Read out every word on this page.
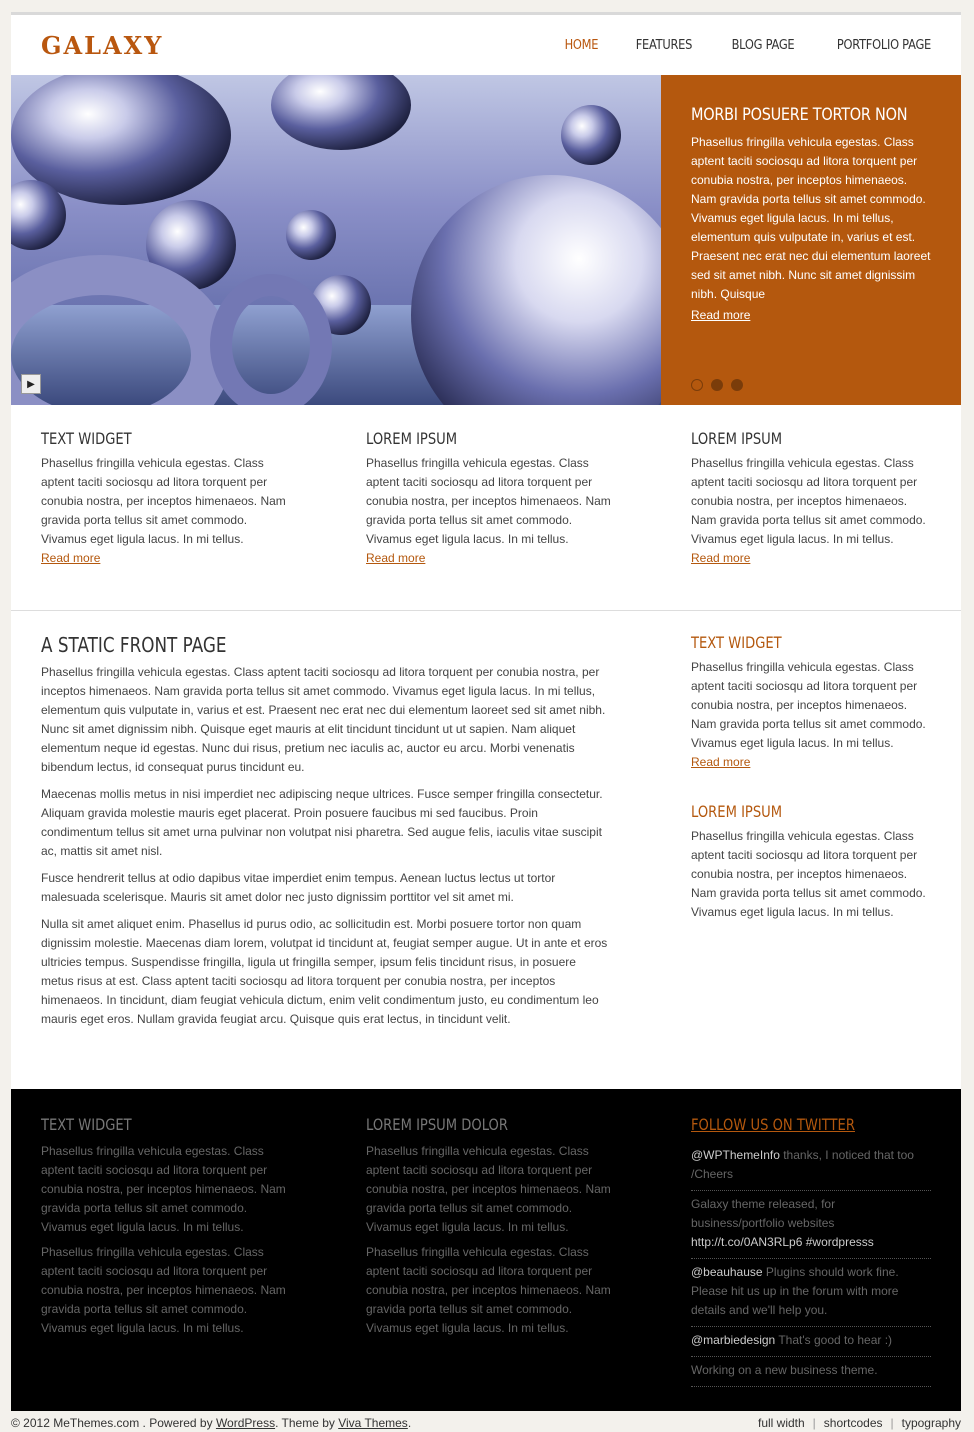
GALAXY	HOME	FEATURES	BLOG PAGE	PORTFOLIO PAGE
▶
MORBI POSUERE TORTOR NON

Phasellus fringilla vehicula egestas. Class aptent taciti sociosqu ad litora torquent per conubia nostra, per inceptos himenaeos. Nam gravida porta tellus sit amet commodo. Vivamus eget ligula lacus. In mi tellus, elementum quis vulputate in, varius et est. Praesent nec erat nec dui elementum laoreet sed sit amet nibh. Nunc sit amet dignissim nibh. Quisque

Read more
TEXT WIDGET
Phasellus fringilla vehicula egestas. Class aptent taciti sociosqu ad litora torquent per conubia nostra, per inceptos himenaeos. Nam gravida porta tellus sit amet commodo. Vivamus eget ligula lacus. In mi tellus.
Read more
LOREM IPSUM
Phasellus fringilla vehicula egestas. Class aptent taciti sociosqu ad litora torquent per conubia nostra, per inceptos himenaeos. Nam gravida porta tellus sit amet commodo. Vivamus eget ligula lacus. In mi tellus.
Read more
LOREM IPSUM
Phasellus fringilla vehicula egestas. Class aptent taciti sociosqu ad litora torquent per conubia nostra, per inceptos himenaeos. Nam gravida porta tellus sit amet commodo. Vivamus eget ligula lacus. In mi tellus.
Read more
A STATIC FRONT PAGE

Phasellus fringilla vehicula egestas. Class aptent taciti sociosqu ad litora torquent per conubia nostra, per inceptos himenaeos. Nam gravida porta tellus sit amet commodo. Vivamus eget ligula lacus. In mi tellus, elementum quis vulputate in, varius et est. Praesent nec erat nec dui elementum laoreet sed sit amet nibh. Nunc sit amet dignissim nibh. Quisque eget mauris at elit tincidunt tincidunt ut ut sapien. Nam aliquet elementum neque id egestas. Nunc dui risus, pretium nec iaculis ac, auctor eu arcu. Morbi venenatis bibendum lectus, id consequat purus tincidunt eu.

Maecenas mollis metus in nisi imperdiet nec adipiscing neque ultrices. Fusce semper fringilla consectetur. Aliquam gravida molestie mauris eget placerat. Proin posuere faucibus mi sed faucibus. Proin condimentum tellus sit amet urna pulvinar non volutpat nisi pharetra. Sed augue felis, iaculis vitae suscipit ac, mattis sit amet nisl.

Fusce hendrerit tellus at odio dapibus vitae imperdiet enim tempus. Aenean luctus lectus ut tortor malesuada scelerisque. Mauris sit amet dolor nec justo dignissim porttitor vel sit amet mi.

Nulla sit amet aliquet enim. Phasellus id purus odio, ac sollicitudin est. Morbi posuere tortor non quam dignissim molestie. Maecenas diam lorem, volutpat id tincidunt at, feugiat semper augue. Ut in ante et eros ultricies tempus. Suspendisse fringilla, ligula ut fringilla semper, ipsum felis tincidunt risus, in posuere metus risus at est. Class aptent taciti sociosqu ad litora torquent per conubia nostra, per inceptos himenaeos. In tincidunt, diam feugiat vehicula dictum, enim velit condimentum justo, eu condimentum leo mauris eget eros. Nullam gravida feugiat arcu. Quisque quis erat lectus, in tincidunt velit.

TEXT WIDGET
Phasellus fringilla vehicula egestas. Class aptent taciti sociosqu ad litora torquent per conubia nostra, per inceptos himenaeos. Nam gravida porta tellus sit amet commodo. Vivamus eget ligula lacus. In mi tellus.
Read more
LOREM IPSUM
Phasellus fringilla vehicula egestas. Class aptent taciti sociosqu ad litora torquent per conubia nostra, per inceptos himenaeos. Nam gravida porta tellus sit amet commodo. Vivamus eget ligula lacus. In mi tellus.
TEXT WIDGET

Phasellus fringilla vehicula egestas. Class aptent taciti sociosqu ad litora torquent per conubia nostra, per inceptos himenaeos. Nam gravida porta tellus sit amet commodo. Vivamus eget ligula lacus. In mi tellus.

Phasellus fringilla vehicula egestas. Class aptent taciti sociosqu ad litora torquent per conubia nostra, per inceptos himenaeos. Nam gravida porta tellus sit amet commodo. Vivamus eget ligula lacus. In mi tellus.

LOREM IPSUM DOLOR

Phasellus fringilla vehicula egestas. Class aptent taciti sociosqu ad litora torquent per conubia nostra, per inceptos himenaeos. Nam gravida porta tellus sit amet commodo. Vivamus eget ligula lacus. In mi tellus.

Phasellus fringilla vehicula egestas. Class aptent taciti sociosqu ad litora torquent per conubia nostra, per inceptos himenaeos. Nam gravida porta tellus sit amet commodo. Vivamus eget ligula lacus. In mi tellus.

FOLLOW US ON TWITTER
@WPThemeInfo thanks, I noticed that too /Cheers
Galaxy theme released, for business/portfolio websites http://t.co/0AN3RLp6 #wordpresss
@beauhause Plugins should work fine. Please hit us up in the forum with more details and we'll help you.
@marbiedesign That's good to hear :)
Working on a new business theme.
© 2012 MeThemes.com . Powered by WordPress. Theme by Viva Themes.	full width | shortcodes | typography
